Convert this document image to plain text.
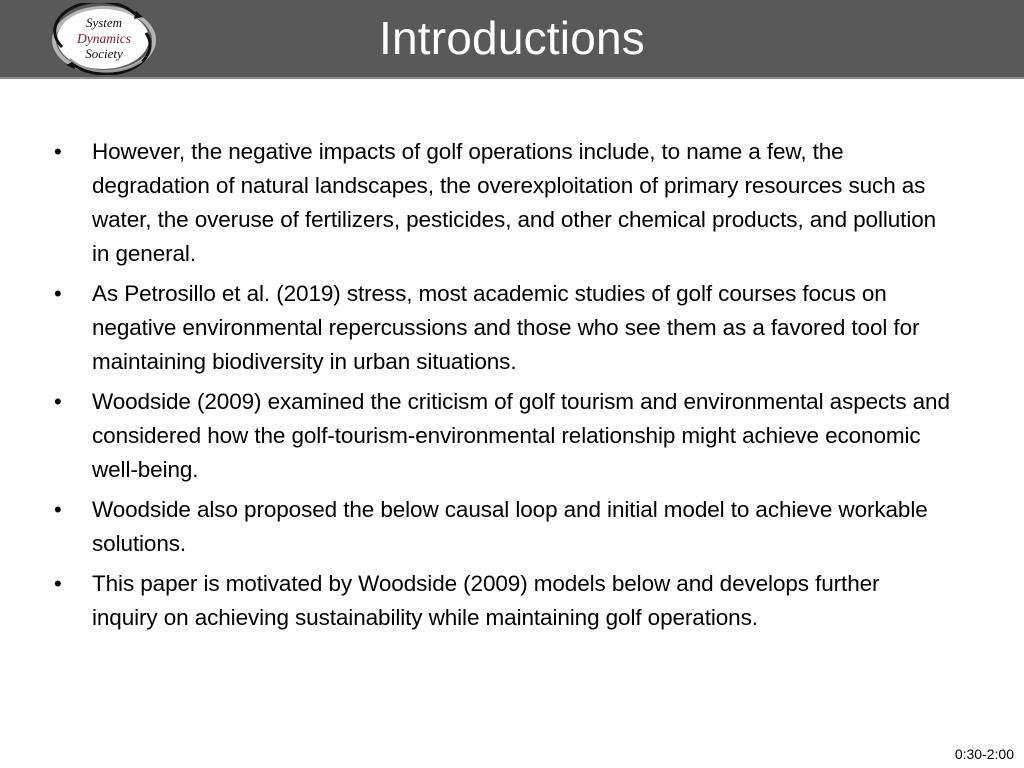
System
Dynamics
Society	Introductions
• However, the negative impacts of golf operations include, to name a few, the degradation of natural landscapes, the overexploitation of primary resources such as water, the overuse of fertilizers, pesticides, and other chemical products, and pollution in general.
• As Petrosillo et al. (2019) stress, most academic studies of golf courses focus on negative environmental repercussions and those who see them as a favored tool for maintaining biodiversity in urban situations.
• Woodside (2009) examined the criticism of golf tourism and environmental aspects and considered how the golf-tourism-environmental relationship might achieve economic well-being.
• Woodside also proposed the below causal loop and initial model to achieve workable solutions.
• This paper is motivated by Woodside (2009) models below and develops further inquiry on achieving sustainability while maintaining golf operations.
0:30-2:00
